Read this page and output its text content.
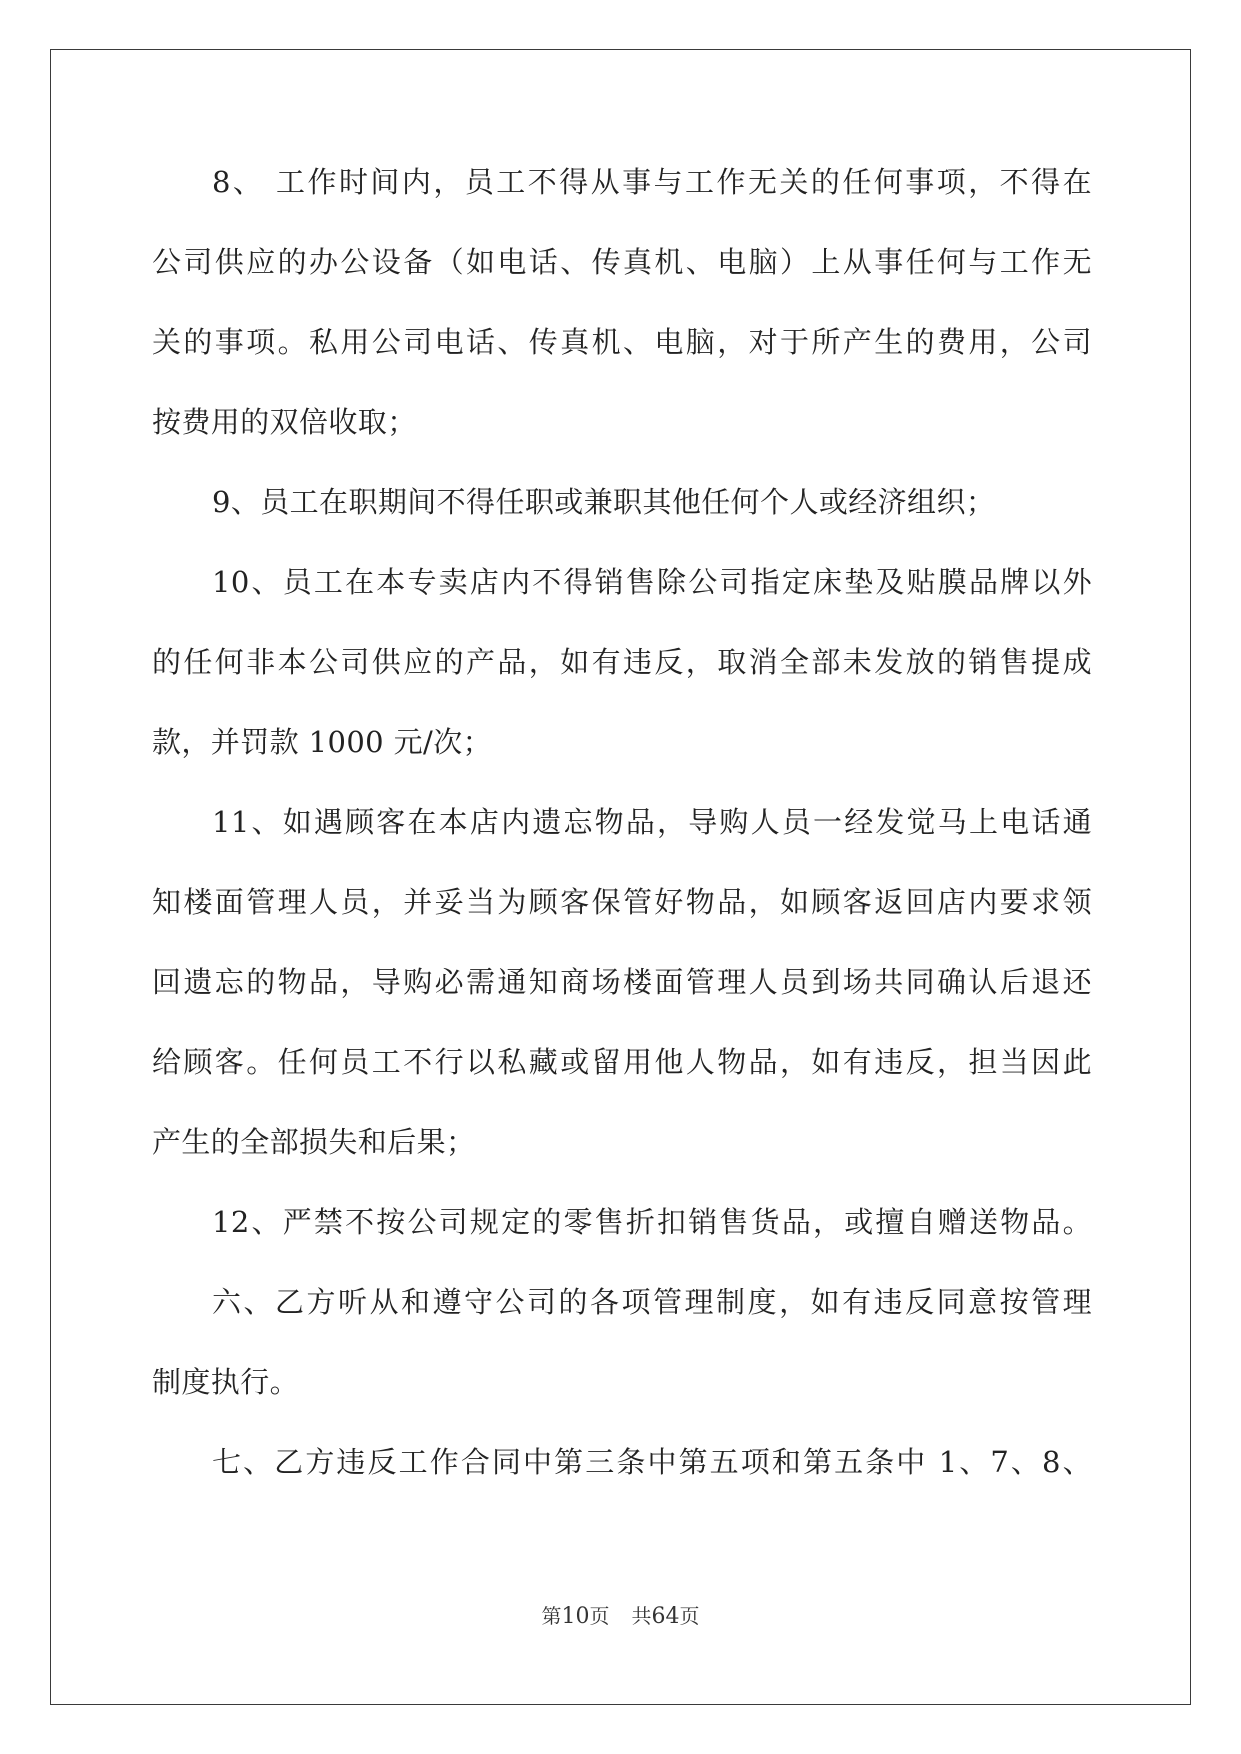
8、 工作时间内，员工不得从事与工作无关的任何事项，不得在
公司供应的办公设备（如电话、传真机、电脑）上从事任何与工作无
关的事项。私用公司电话、传真机、电脑，对于所产生的费用，公司
按费用的双倍收取；
9、员工在职期间不得任职或兼职其他任何个人或经济组织；
10、员工在本专卖店内不得销售除公司指定床垫及贴膜品牌以外
的任何非本公司供应的产品，如有违反，取消全部未发放的销售提成
款，并罚款 1000 元/次；
11、如遇顾客在本店内遗忘物品，导购人员一经发觉马上电话通
知楼面管理人员，并妥当为顾客保管好物品，如顾客返回店内要求领
回遗忘的物品，导购必需通知商场楼面管理人员到场共同确认后退还
给顾客。任何员工不行以私藏或留用他人物品，如有违反，担当因此
产生的全部损失和后果；
12、严禁不按公司规定的零售折扣销售货品，或擅自赠送物品。
六、乙方听从和遵守公司的各项管理制度，如有违反同意按管理
制度执行。
七、乙方违反工作合同中第三条中第五项和第五条中 1、7、8、
第10页 共64页
